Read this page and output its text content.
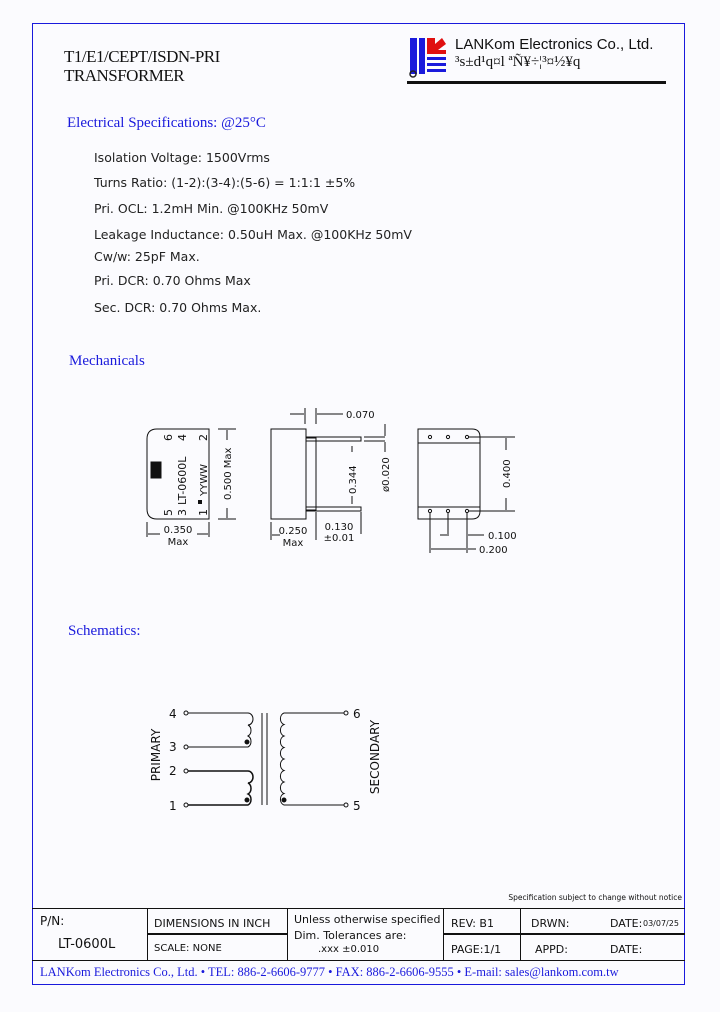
T1/E1/CEPT/ISDN-PRI
TRANSFORMER
LANKom Electronics Co., Ltd.
³s±d¹q¤l ªÑ¥÷¦³¤½¥q
Electrical Specifications: @25°C
Isolation Voltage: 1500Vrms
Turns Ratio: (1-2):(3-4):(5-6) = 1:1:1 ±5%
Pri. OCL: 1.2mH Min. @100KHz 50mV
Leakage Inductance: 0.50uH Max. @100KHz 50mV
Cw/w: 25pF Max.
Pri. DCR: 0.70 Ohms Max
Sec. DCR: 0.70 Ohms Max.
Mechanicals
6 4 2
5 3 1
LT-0600L YYWW 0.500 Max
0.350
Max
0.070
0.344 ø0.020
0.250
Max
0.130
±0.01
0.400
0.100
0.200
Schematics:
PRIMARY	SECONDARY
4
3
2
1
6
5
Specification subject to change without notice
P/N:
LT-0600L
DIMENSIONS IN INCH
SCALE: NONE
Unless otherwise specified
Dim. Tolerances are:
.xxx ±0.010
REV: B1
PAGE:1/1
DRWN:	DATE: 03/07/25
APPD:	DATE:
LANKom Electronics Co., Ltd. • TEL: 886-2-6606-9777 • FAX: 886-2-6606-9555 • E-mail: sales@lankom.com.tw
